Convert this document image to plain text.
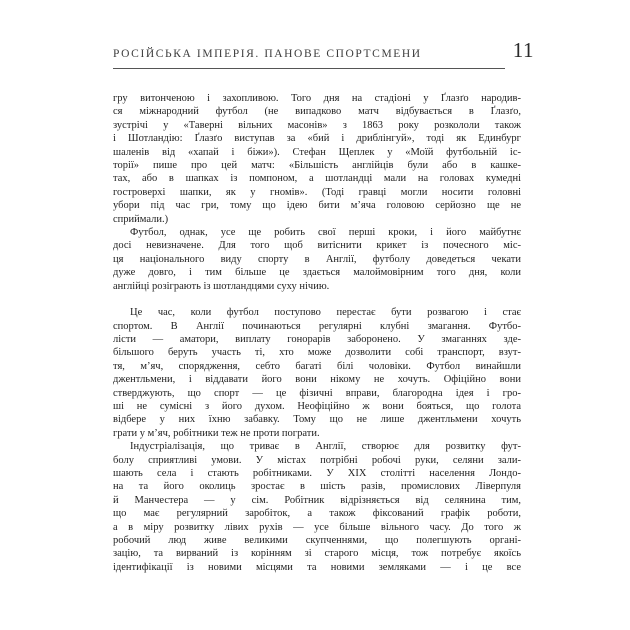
РОСІЙСЬКА ІМПЕРІЯ. ПАНОВЕ СПОРТСМЕНИ	11
гру витонченою і захопливою. Того дня на стадіоні у Ґлазґо народив-
ся міжнародний футбол (не випадково матч відбувається в Ґлазґо,
зустрічі у «Таверні вільних масонів» з 1863 року розкололи також
і Шотландію: Ґлазґо виступав за «бий і дриблінгуй», тоді як Единбург
шаленів від «хапай і біжи»). Стефан Щеплек у «Моїй футбольній іс-
торії» пише про цей матч: «Більшість англійців були або в кашке-
тах, або в шапках із помпоном, а шотландці мали на головах кумедні
гостроверхі шапки, як у гномів». (Тоді гравці могли носити головні
убори під час гри, тому що ідею бити м’яча головою серйозно ще не
сприймали.)
Футбол, однак, усе ще робить свої перші кроки, і його майбутнє
досі невизначене. Для того щоб витіснити крикет із почесного міс-
ця національного виду спорту в Англії, футболу доведеться чекати
дуже довго, і тим більше це здається малоймовірним того дня, коли
англійці розіграють із шотландцями суху нічию.
Це час, коли футбол поступово перестає бути розвагою і стає
спортом. В Англії починаються регулярні клубні змагання. Футбо-
лісти — аматори, виплату гонорарів заборонено. У змаганнях зде-
більшого беруть участь ті, хто може дозволити собі транспорт, взут-
тя, м’яч, спорядження, себто багаті білі чоловіки. Футбол винайшли
джентльмени, і віддавати його вони нікому не хочуть. Офіційно вони
стверджують, що спорт — це фізичні вправи, благородна ідея і гро-
ші не сумісні з його духом. Неофіційно ж вони бояться, що голота
відбере у них їхню забавку. Тому що не лише джентльмени хочуть
грати у м’яч, робітники теж не проти пограти.
Індустріалізація, що триває в Англії, створює для розвитку фут-
болу сприятливі умови. У містах потрібні робочі руки, селяни зали-
шають села і стають робітниками. У XIX столітті населення Лондо-
на та його околиць зростає в шість разів, промислових Ліверпуля
й Манчестера — у сім. Робітник відрізняється від селянина тим,
що має регулярний заробіток, а також фіксований графік роботи,
а в міру розвитку лівих рухів — усе більше вільного часу. До того ж
робочий люд живе великими скупченнями, що полегшують органі-
зацію, та вирваний із корінням зі старого місця, тож потребує якоїсь
ідентифікації із новими місцями та новими земляками — і це все
